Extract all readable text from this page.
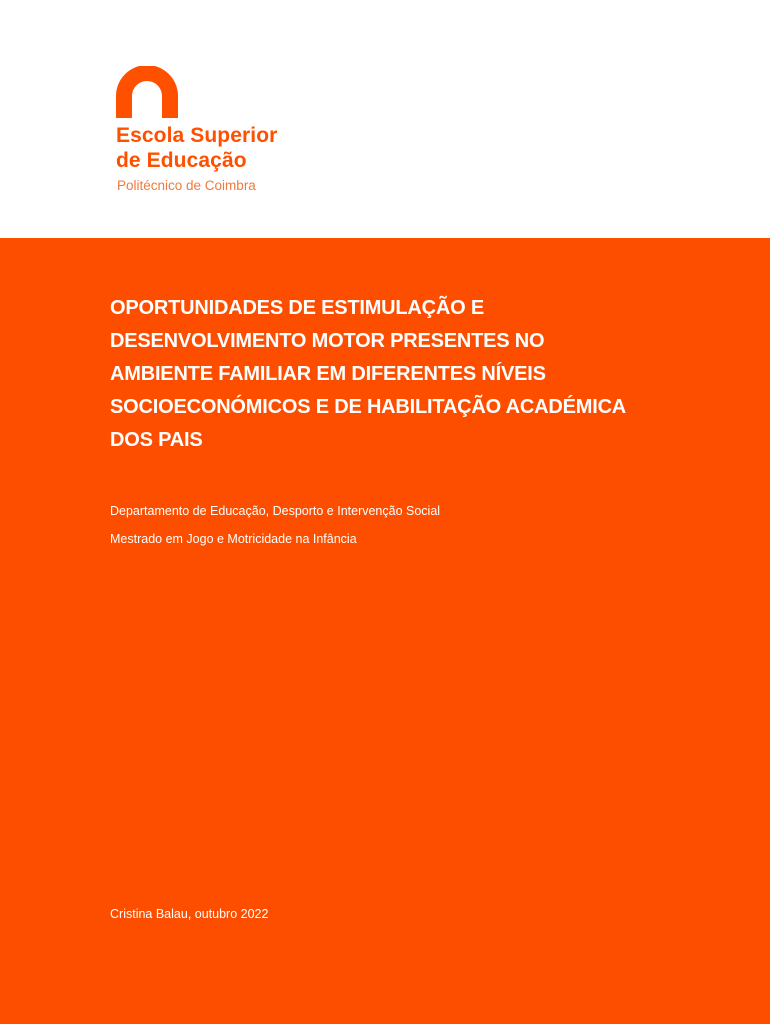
Escola Superior
de Educação
Politécnico de Coimbra
OPORTUNIDADES DE ESTIMULAÇÃO E
DESENVOLVIMENTO MOTOR PRESENTES NO
AMBIENTE FAMILIAR EM DIFERENTES NÍVEIS
SOCIOECONÓMICOS E DE HABILITAÇÃO ACADÉMICA
DOS PAIS
Departamento de Educação, Desporto e Intervenção Social
Mestrado em Jogo e Motricidade na Infância
Cristina Balau, outubro 2022
